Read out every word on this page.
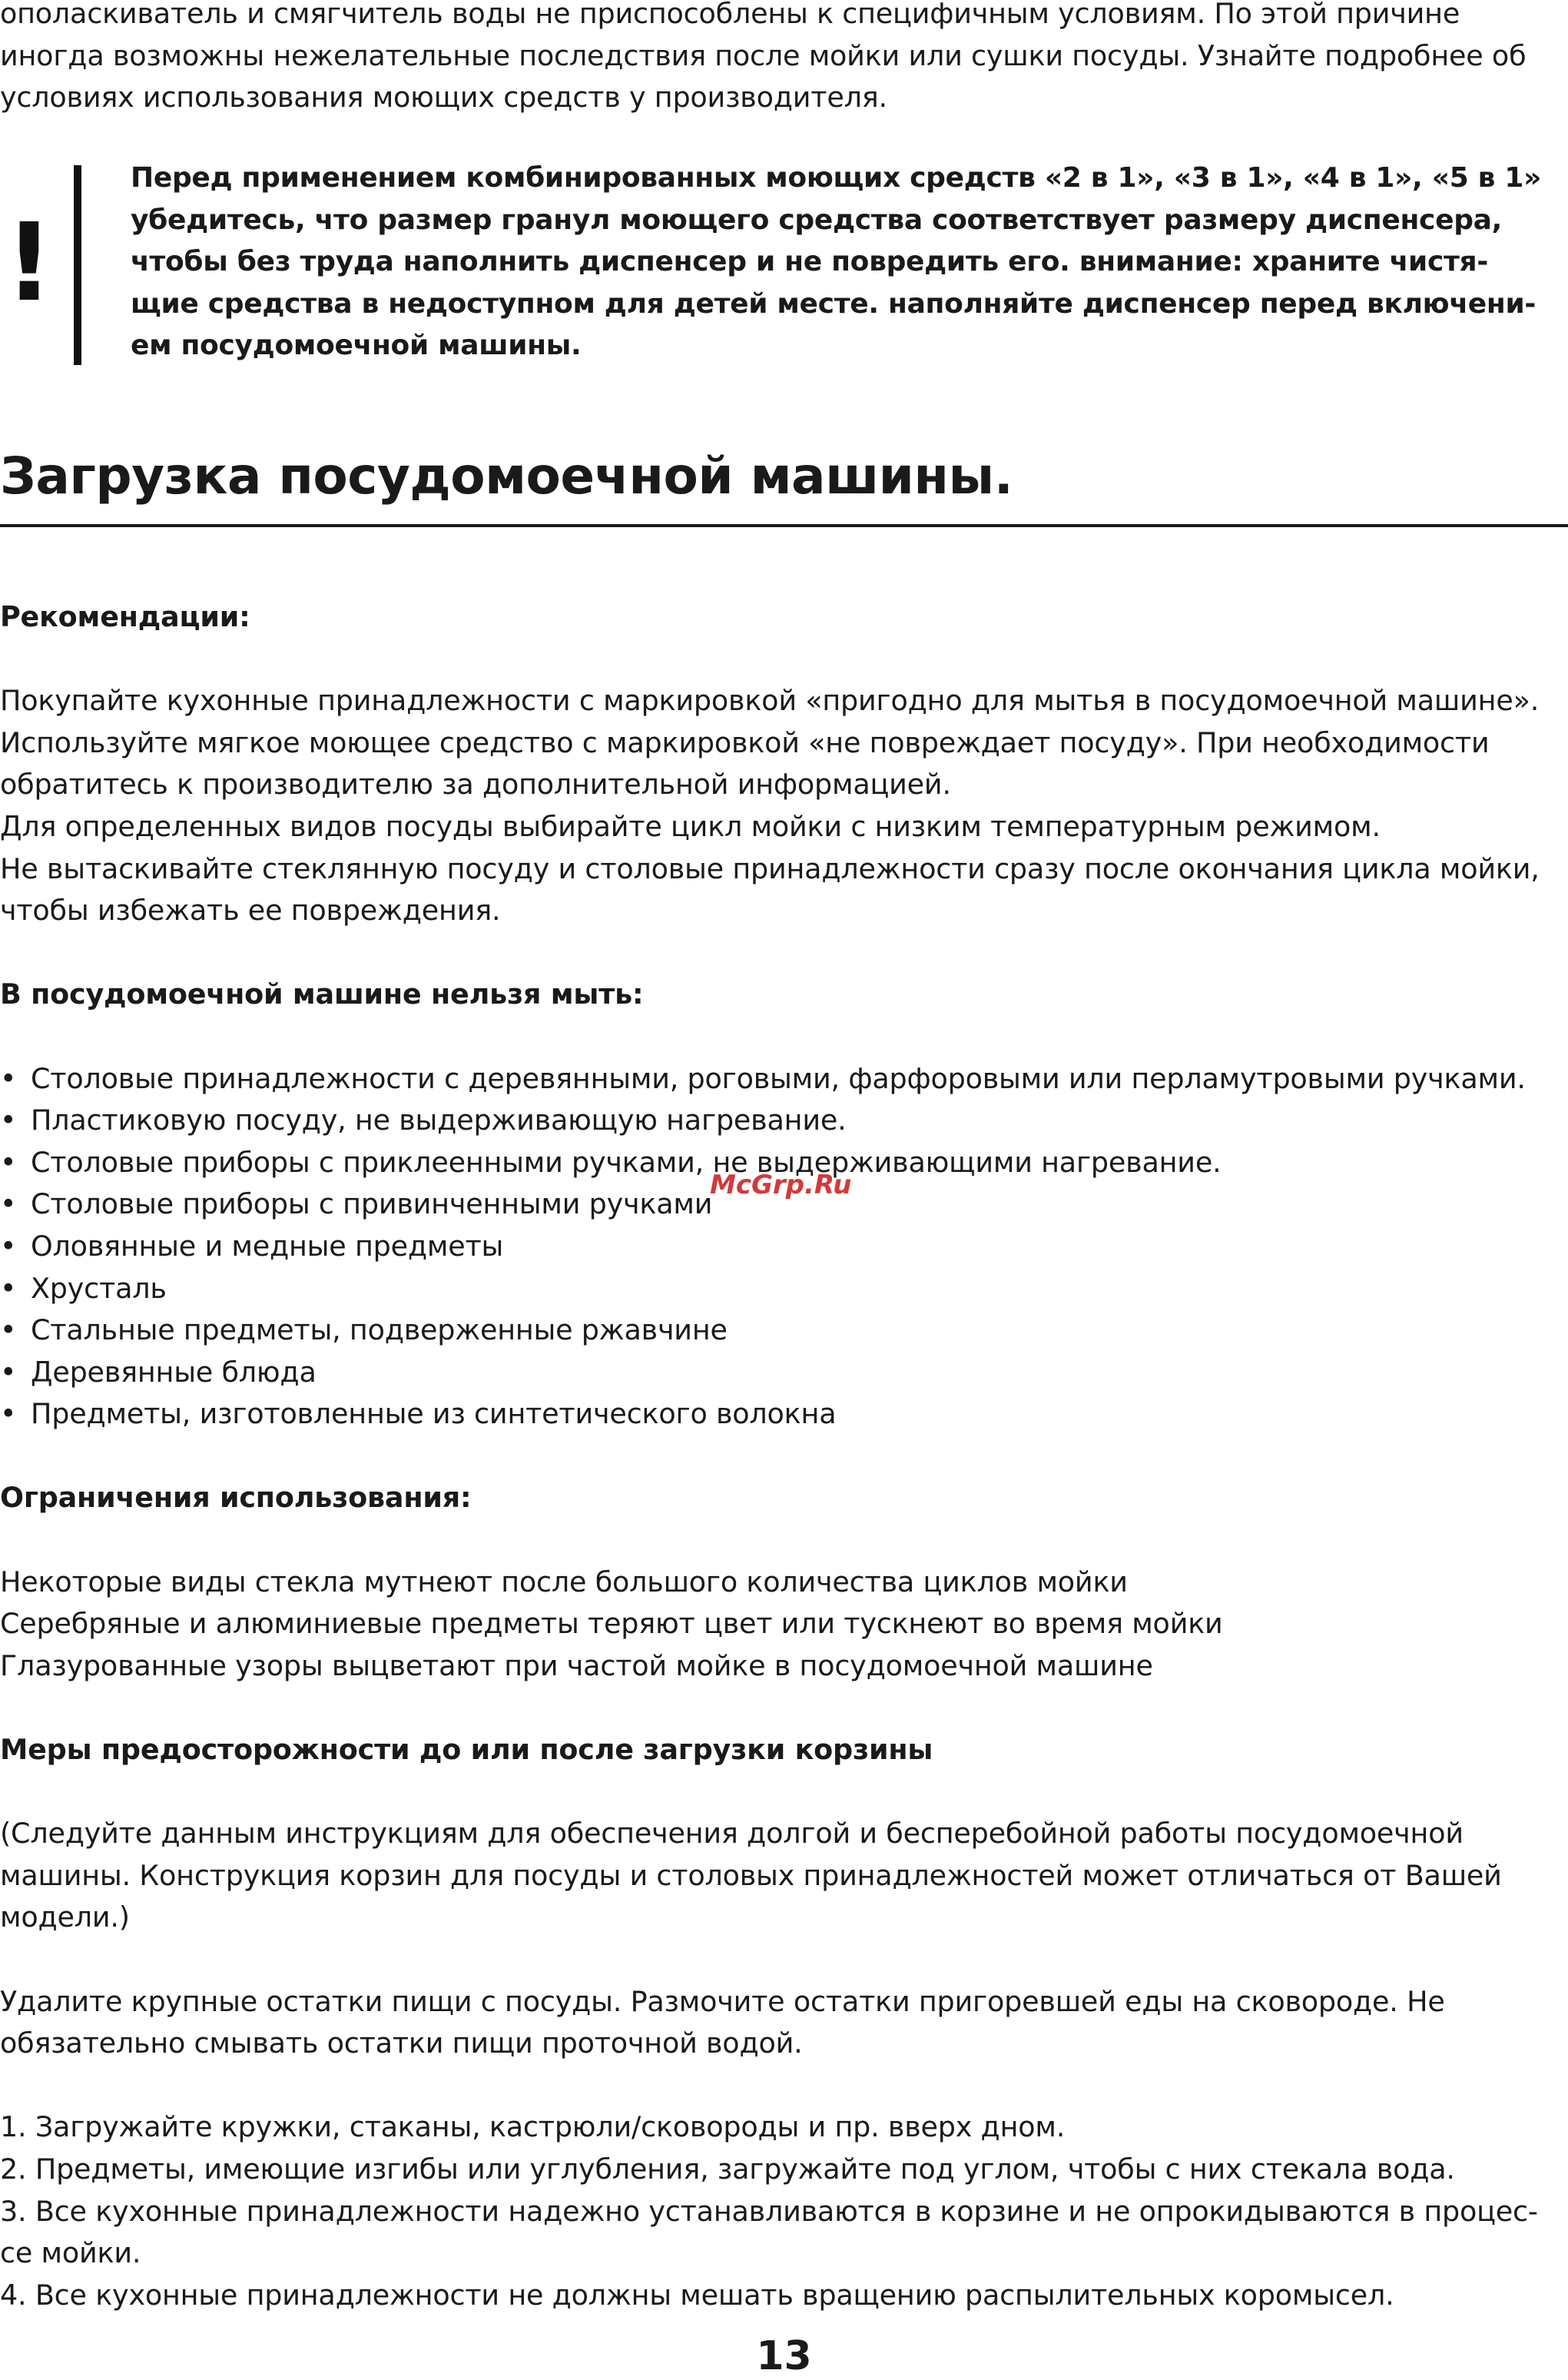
ополаскиватель и смягчитель воды не приспособлены к специфичным условиям. По этой причине

иногда возможны нежелательные последствия после мойки или сушки посуды. Узнайте подробнее об

условиях использования моющих средств у производителя.

!

Перед применением комбинированных моющих средств «2 в 1», «3 в 1», «4 в 1», «5 в 1»

убедитесь, что размер гранул моющего средства соответствует размеру диспенсера,

чтобы без труда наполнить диспенсер и не повредить его. внимание: храните чистя-

щие средства в недоступном для детей месте. наполняйте диспенсер перед включени-

ем посудомоечной машины.

Загрузка посудомоечной машины.

Рекомендации:

Покупайте кухонные принадлежности с маркировкой «пригодно для мытья в посудомоечной машине».

Используйте мягкое моющее средство с маркировкой «не повреждает посуду». При необходимости

обратитесь к производителю за дополнительной информацией.

Для определенных видов посуды выбирайте цикл мойки с низким температурным режимом.

Не вытаскивайте стеклянную посуду и столовые принадлежности сразу после окончания цикла мойки,

чтобы избежать ее повреждения.

В посудомоечной машине нельзя мыть:

• Столовые принадлежности с деревянными, роговыми, фарфоровыми или перламутровыми ручками.
• Пластиковую посуду, не выдерживающую нагревание.
• Столовые приборы с приклеенными ручками, не выдерживающими нагревание.
• Столовые приборы с привинченными ручками
• Оловянные и медные предметы
• Хрусталь
• Стальные предметы, подверженные ржавчине
• Деревянные блюда
• Предметы, изготовленные из синтетического волокна

Ограничения использования:

Некоторые виды стекла мутнеют после большого количества циклов мойки

Серебряные и алюминиевые предметы теряют цвет или тускнеют во время мойки

Глазурованные узоры выцветают при частой мойке в посудомоечной машине

Меры предосторожности до или после загрузки корзины

(Следуйте данным инструкциям для обеспечения долгой и бесперебойной работы посудомоечной

машины. Конструкция корзин для посуды и столовых принадлежностей может отличаться от Вашей

модели.)

Удалите крупные остатки пищи с посуды. Размочите остатки пригоревшей еды на сковороде. Не

обязательно смывать остатки пищи проточной водой.

1. Загружайте кружки, стаканы, кастрюли/сковороды и пр. вверх дном.

2. Предметы, имеющие изгибы или углубления, загружайте под углом, чтобы с них стекала вода.

3. Все кухонные принадлежности надежно устанавливаются в корзине и не опрокидываются в процес-

се мойки.

4. Все кухонные принадлежности не должны мешать вращению распылительных коромысел.

McGrp.Ru
13
